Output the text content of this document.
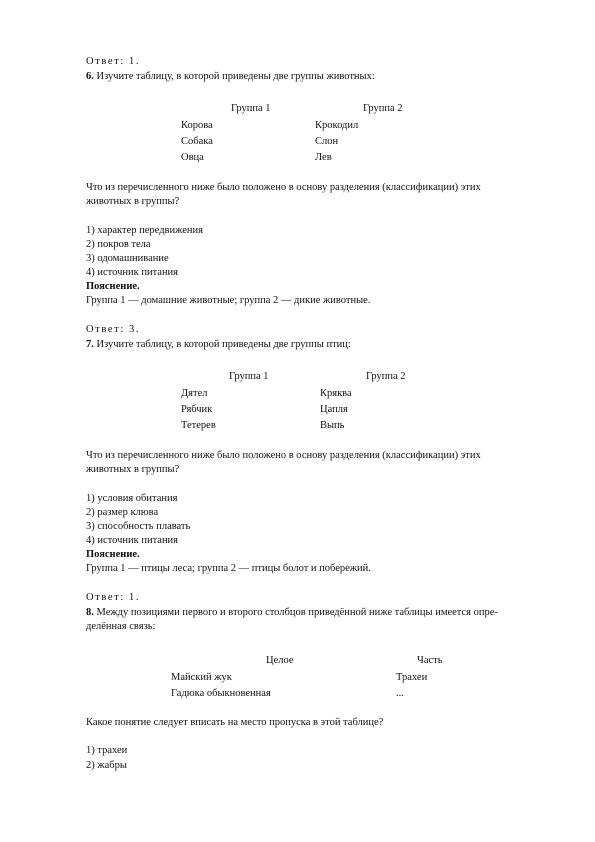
Ответ: 1.
6. Изучите таблицу, в которой приведены две группы животных:
Группа 1	Группа 2
Корова	Крокодил
Собака	Слон
Овца	Лев
Что из перечисленного ниже было положено в основу разделения (классификации) этих
животных в группы?
1) характер передвижения
2) покров тела
3) одомашнивание
4) источник питания
Пояснение.
Группа 1 — домашние животные; группа 2 — дикие животные.
Ответ: 3.
7. Изучите таблицу, в которой приведены две группы птиц:
Группа 1	Группа 2
Дятел	Кряква
Рябчик	Цапля
Тетерев	Выпь
Что из перечисленного ниже было положено в основу разделения (классификации) этих
животных в группы?
1) условия обитания
2) размер клюва
3) способность плавать
4) источник питания
Пояснение.
Группа 1 — птицы леса; группа 2 — птицы болот и побережий.
Ответ: 1.
8. Между позициями первого и второго столбцов приведённой ниже таблицы имеется опре-
делённая связь:
Целое	Часть
Майский жук	Трахеи
Гадюка обыкновенная	...
Какое понятие следует вписать на место пропуска в этой таблице?
1) трахеи
2) жабры
